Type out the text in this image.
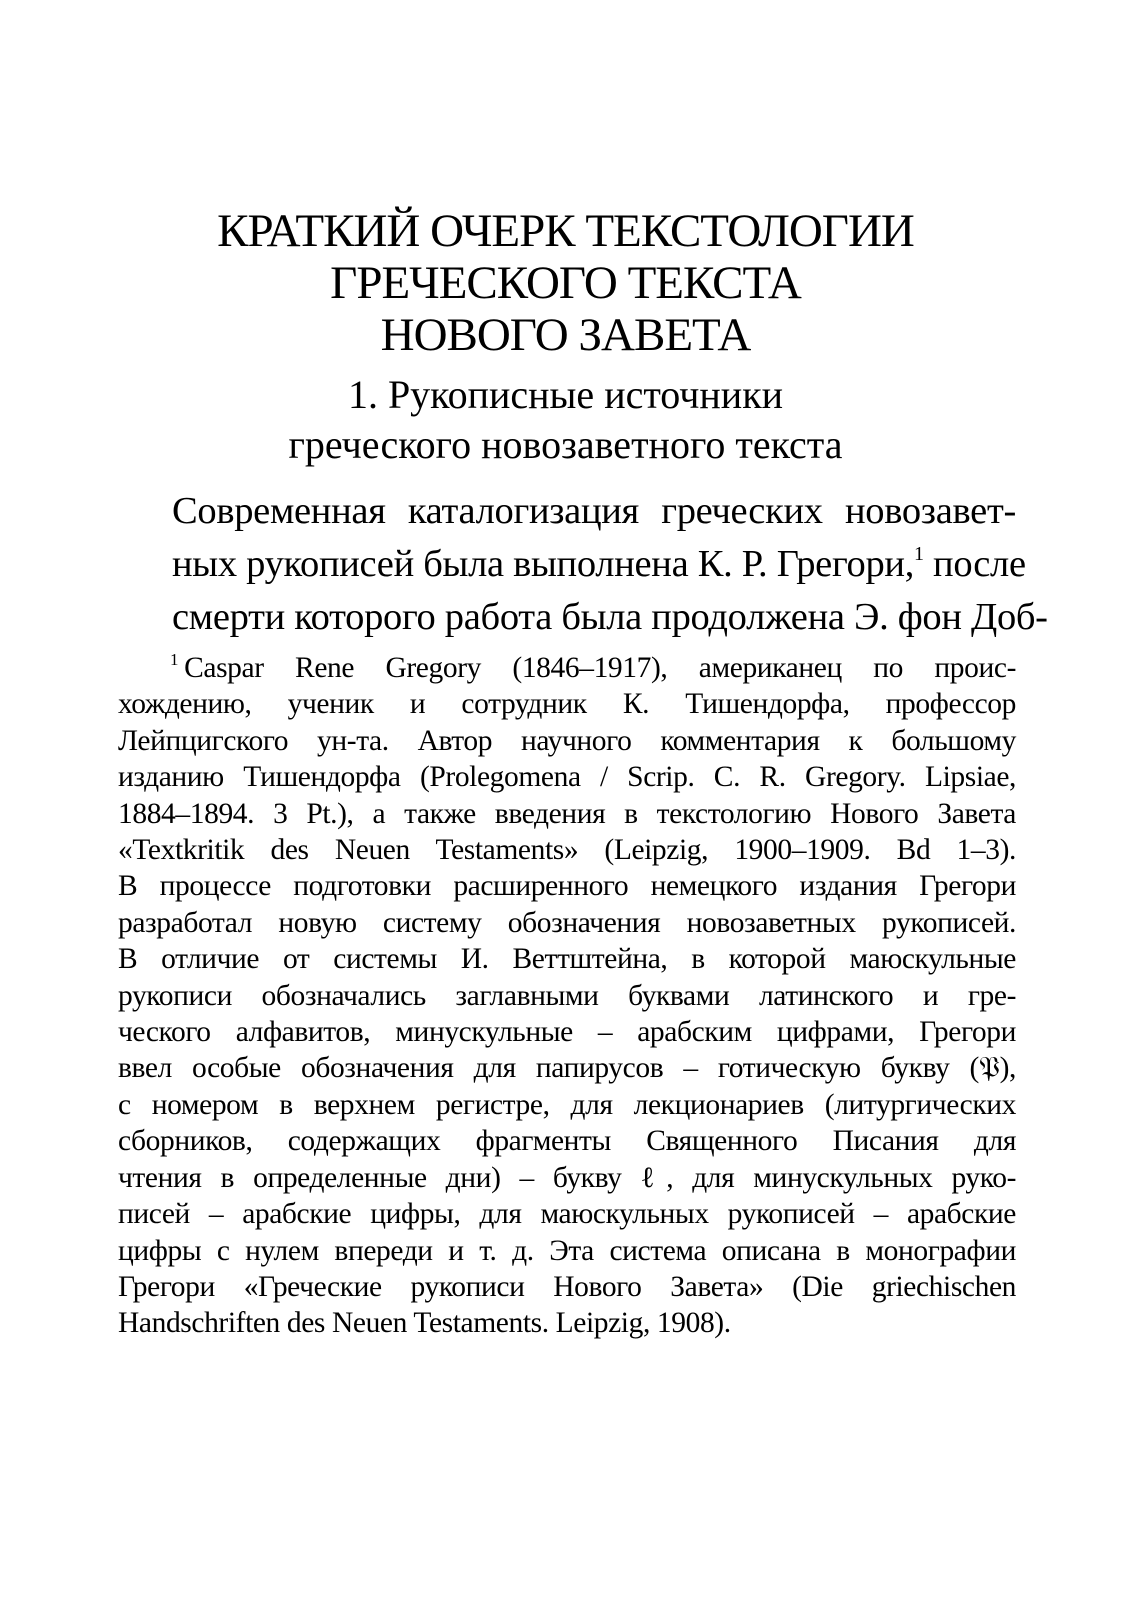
КРАТКИЙ ОЧЕРК ТЕКСТОЛОГИИ
ГРЕЧЕСКОГО ТЕКСТА
НОВОГО ЗАВЕТА
1. Рукописные источники
греческого новозаветного текста
Современная каталогизация греческих новозавет-
ных рукописей была выполнена К. Р. Грегори,$^1$ после
смерти которого работа была продолжена Э. фон Доб-
$^1$ Caspar Rene Gregory (1846–1917), американец по проис-
хождению, ученик и сотрудник К. Тишендорфа, профессор
Лейпцигского ун-та. Автор научного комментария к большому
изданию Тишендорфа (Prolegomena / Scrip. C. R. Gregory. Lipsiae,
1884–1894. 3 Pt.), а также введения в текстологию Нового Завета
«Textkritik des Neuen Testaments» (Leipzig, 1900–1909. Bd 1–3).
В процессе подготовки расширенного немецкого издания Грегори
разработал новую систему обозначения новозаветных рукописей.
В отличие от системы И. Веттштейна, в которой маюскульные
рукописи обозначались заглавными буквами латинского и гре-
ческого алфавитов, минускульные – арабским цифрами, Грегори
ввел особые обозначения для папирусов – готическую букву (𝔓),
с номером в верхнем регистре, для лекционариев (литургических
сборников, содержащих фрагменты Священного Писания для
чтения в определенные дни) – букву ℓ, для минускульных руко-
писей – арабские цифры, для маюскульных рукописей – арабские
цифры с нулем впереди и т. д. Эта система описана в монографии
Грегори «Греческие рукописи Нового Завета» (Die griechischen
Handschriften des Neuen Testaments. Leipzig, 1908).
